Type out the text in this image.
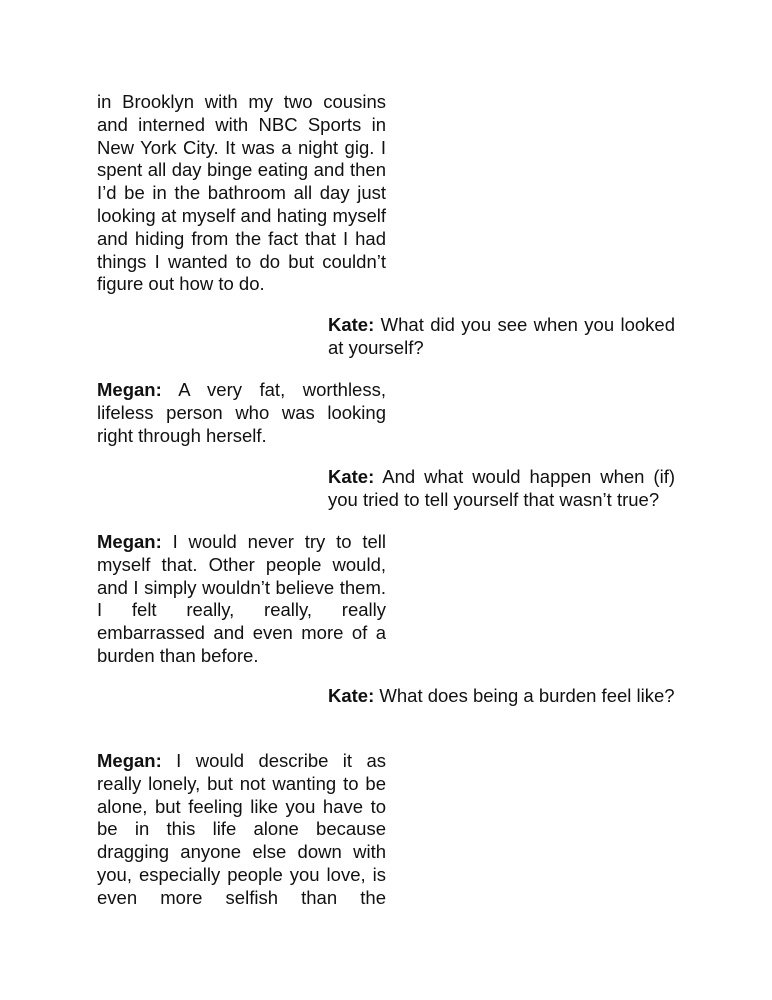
in Brooklyn with my two cousins and interned with NBC Sports in New York City. It was a night gig. I spent all day binge eating and then I’d be in the bathroom all day just looking at myself and hating myself and hiding from the fact that I had things I wanted to do but couldn’t figure out how to do.

Kate: What did you see when you looked at yourself?

Megan: A very fat, worthless, lifeless person who was looking right through herself.

Kate: And what would happen when (if) you tried to tell yourself that wasn’t true?

Megan: I would never try to tell myself that. Other people would, and I simply wouldn’t believe them. I felt really, really, really embarrassed and even more of a burden than before.

Kate: What does being a burden feel like?

Megan: I would describe it as really lonely, but not wanting to be alone, but feeling like you have to be in this life alone because dragging anyone else down with you, especially people you love, is even more selfish than the
